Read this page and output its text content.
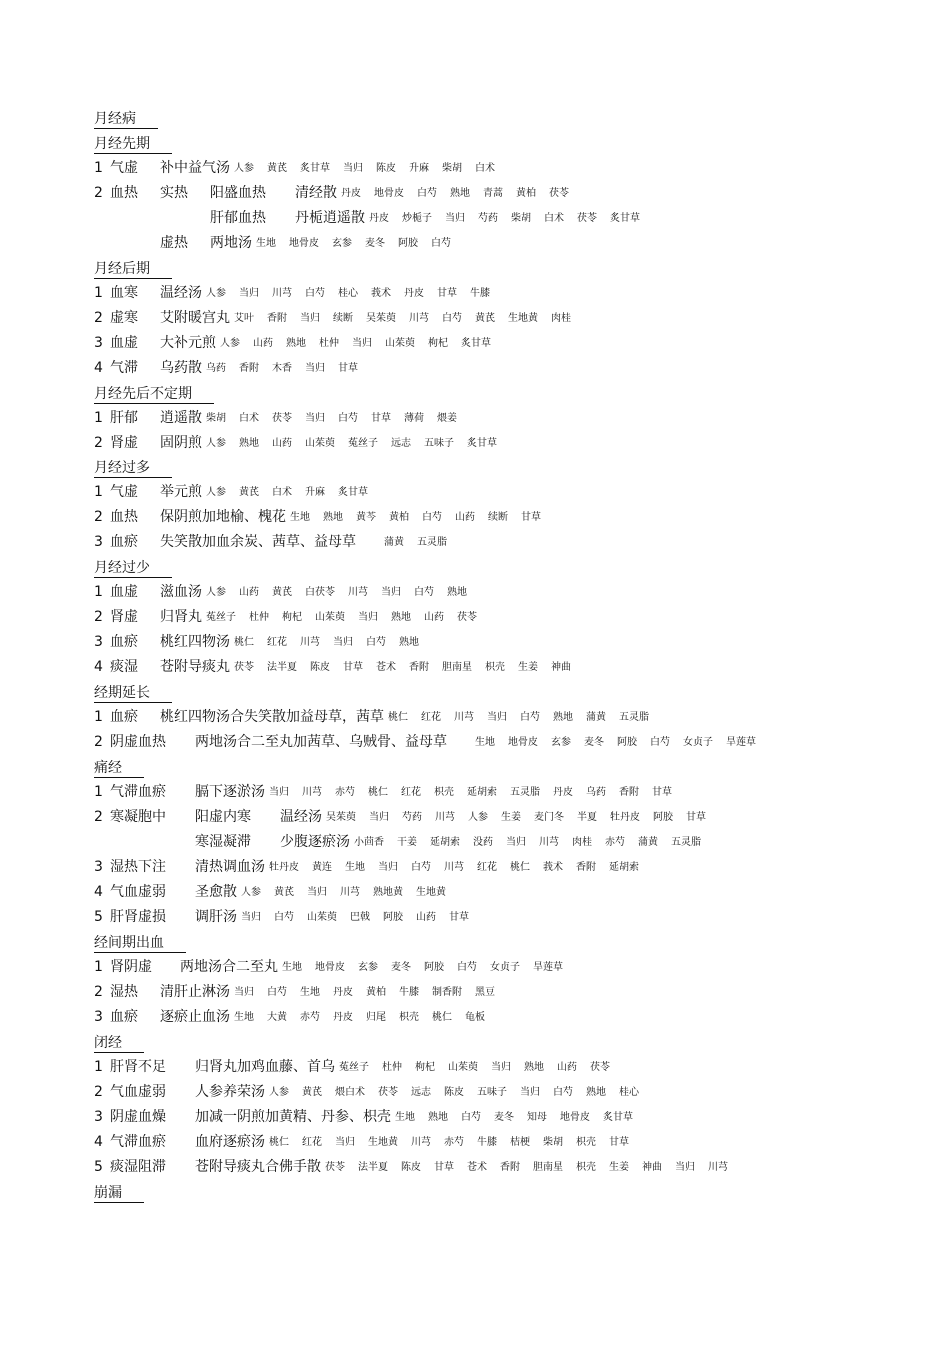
月经病
月经先期
1 气虚 补中益气汤 人参 黄芪 炙甘草 当归 陈皮 升麻 柴胡 白术
2 血热 实热 阳盛血热 清经散 丹皮 地骨皮 白芍 熟地 青蒿 黄柏 茯苓
肝郁血热 丹栀逍遥散 丹皮 炒栀子 当归 芍药 柴胡 白术 茯苓 炙甘草
虚热 两地汤 生地 地骨皮 玄参 麦冬 阿胶 白芍
月经后期
1 血寒 温经汤 人参 当归 川芎 白芍 桂心 莪术 丹皮 甘草 牛膝
2 虚寒 艾附暖宫丸 艾叶 香附 当归 续断 吴茱萸 川芎 白芍 黄芪 生地黄 肉桂
3 血虚 大补元煎 人参 山药 熟地 杜仲 当归 山茱萸 枸杞 炙甘草
4 气滞 乌药散 乌药 香附 木香 当归 甘草
月经先后不定期
1 肝郁 逍遥散 柴胡 白术 茯苓 当归 白芍 甘草 薄荷 煨姜
2 肾虚 固阴煎 人参 熟地 山药 山茱萸 菟丝子 远志 五味子 炙甘草
月经过多
1 气虚 举元煎 人参 黄芪 白术 升麻 炙甘草
2 血热 保阴煎加地榆、槐花 生地 熟地 黄芩 黄柏 白芍 山药 续断 甘草
3 血瘀 失笑散加血余炭、茜草、益母草	蒲黄 五灵脂
月经过少
1 血虚 滋血汤 人参 山药 黄芪 白茯苓 川芎 当归 白芍 熟地
2 肾虚 归肾丸 菟丝子 杜仲 枸杞 山茱萸 当归 熟地 山药 茯苓
3 血瘀 桃红四物汤 桃仁 红花 川芎 当归 白芍 熟地
4 痰湿 苍附导痰丸 茯苓 法半夏 陈皮 甘草 苍术 香附 胆南星 枳壳 生姜 神曲
经期延长
1 血瘀 桃红四物汤合失笑散加益母草，茜草 桃仁 红花 川芎 当归 白芍 熟地 蒲黄 五灵脂
2 阴虚血热 两地汤合二至丸加茜草、乌贼骨、益母草	生地 地骨皮 玄参 麦冬 阿胶 白芍 女贞子 旱莲草
痛经
1 气滞血瘀 膈下逐淤汤 当归 川芎 赤芍 桃仁 红花 枳壳 延胡索 五灵脂 丹皮 乌药 香附 甘草
2 寒凝胞中 阳虚内寒 温经汤 吴茱萸 当归 芍药 川芎 人参 生姜 麦门冬 半夏 牡丹皮 阿胶 甘草
寒湿凝滞 少腹逐瘀汤 小茴香 干姜 延胡索 没药 当归 川芎 肉桂 赤芍 蒲黄 五灵脂
3 湿热下注 清热调血汤 牡丹皮 黄连 生地 当归 白芍 川芎 红花 桃仁 莪术 香附 延胡索
4 气血虚弱 圣愈散 人参 黄芪 当归 川芎 熟地黄 生地黄
5 肝肾虚损 调肝汤 当归 白芍 山茱萸 巴戟 阿胶 山药 甘草
经间期出血
1 肾阴虚 两地汤合二至丸 生地 地骨皮 玄参 麦冬 阿胶 白芍 女贞子 旱莲草
2 湿热 清肝止淋汤 当归 白芍 生地 丹皮 黄柏 牛膝 制香附 黑豆
3 血瘀 逐瘀止血汤 生地 大黄 赤芍 丹皮 归尾 枳壳 桃仁 龟板
闭经
1 肝肾不足 归肾丸加鸡血藤、首乌 菟丝子 杜仲 枸杞 山茱萸 当归 熟地 山药 茯苓
2 气血虚弱 人参养荣汤 人参 黄芪 煨白术 茯苓 远志 陈皮 五味子 当归 白芍 熟地 桂心
3 阴虚血燥 加减一阴煎加黄精、丹参、枳壳 生地 熟地 白芍 麦冬 知母 地骨皮 炙甘草
4 气滞血瘀 血府逐瘀汤 桃仁 红花 当归 生地黄 川芎 赤芍 牛膝 桔梗 柴胡 枳壳 甘草
5 痰湿阻滞 苍附导痰丸合佛手散 茯苓 法半夏 陈皮 甘草 苍术 香附 胆南星 枳壳 生姜 神曲 当归 川芎
崩漏
